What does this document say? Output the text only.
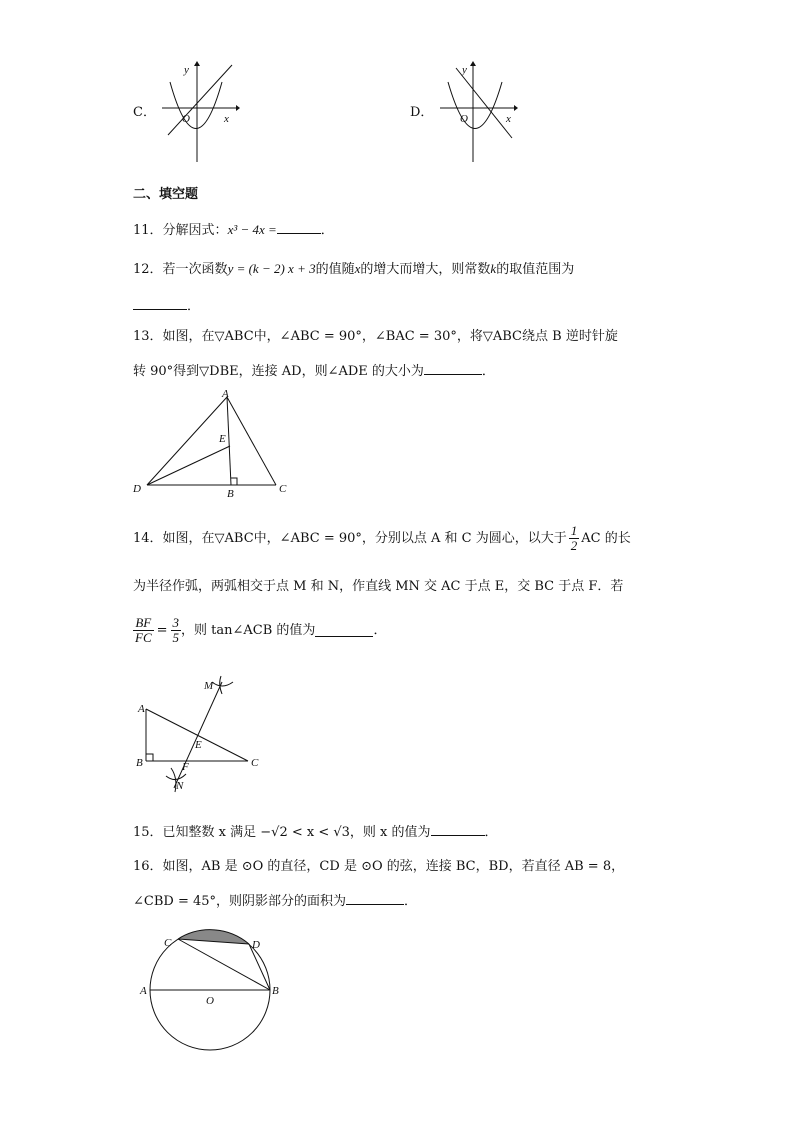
C．
y
x
O	D．
y
x
O
二、填空题
11．分解因式：x³ − 4x =	．
12．若一次函数y = (k − 2) x + 3的值随x的增大而增大，则常数k的取值范围为
．
13．如图，在▽ABC中，∠ABC = 90°，∠BAC = 30°，将▽ABC绕点 B 逆时针旋
转 90°得到▽DBE，连接 AD，则∠ADE 的大小为	．
A
E
D	B	C
14． 如图，在▽ABC中，∠ABC = 90°，分别以点 A 和 C 为圆心，以大于 $\frac{1}{2}$ AC 的长
为半径作弧，两弧相交于点 M 和 N，作直线 MN 交 AC 于点 E，交 BC 于点 F．若
$\frac{BF}{FC} = \frac{3}{5}$ ，则 tan∠ACB 的值为	．
M
A
E
B	F	C
N
15．已知整数 x 满足 −√2 < x < √3，则 x 的值为	．
16．如图，AB 是 ⊙O 的直径，CD 是 ⊙O 的弦，连接 BC，BD，若直径 AB = 8，
∠CBD = 45°，则阴影部分的面积为	．
C	D
A
O
B
